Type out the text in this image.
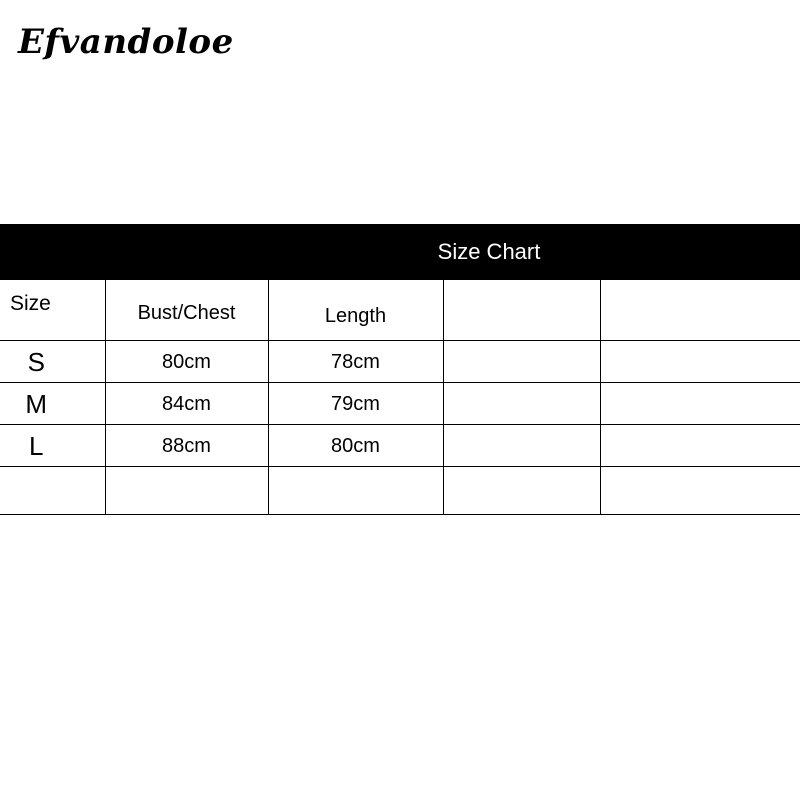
Efvandoloe
Size Chart
Size	Bust/Chest	Length		
S	80cm	78cm		
M	84cm	79cm		
L	88cm	80cm		
